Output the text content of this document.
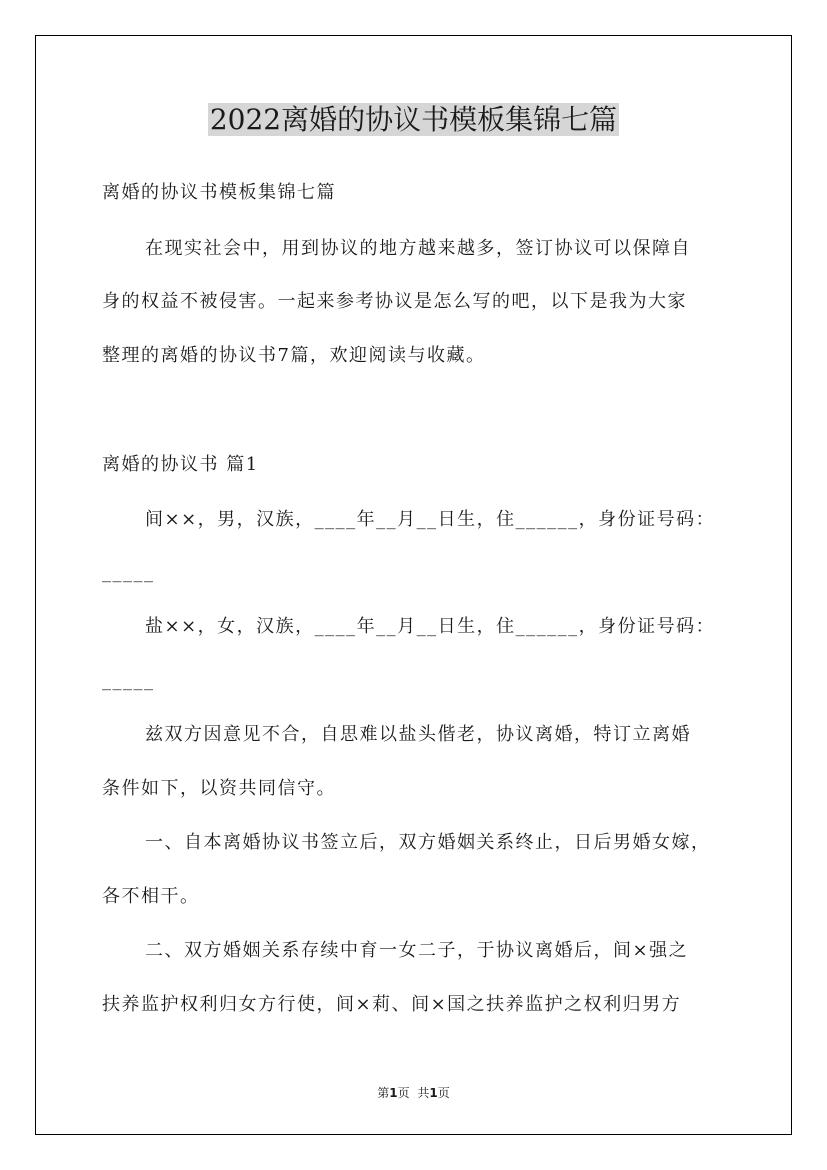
2022离婚的协议书模板集锦七篇
离婚的协议书模板集锦七篇
在现实社会中，用到协议的地方越来越多，签订协议可以保障自
身的权益不被侵害。一起来参考协议是怎么写的吧，以下是我为大家
整理的离婚的协议书7篇，欢迎阅读与收藏。
离婚的协议书 篇1
间××，男，汉族，____年__月__日生，住______，身份证号码：
_____
盐××，女，汉族，____年__月__日生，住______，身份证号码：
_____
兹双方因意见不合，自思难以盐头偕老，协议离婚，特订立离婚
条件如下，以资共同信守。
一、自本离婚协议书签立后，双方婚姻关系终止，日后男婚女嫁，
各不相干。
二、双方婚姻关系存续中育一女二子，于协议离婚后，间×强之
扶养监护权利归女方行使，间×莉、间×国之扶养监护之权利归男方
第1页 共1页
